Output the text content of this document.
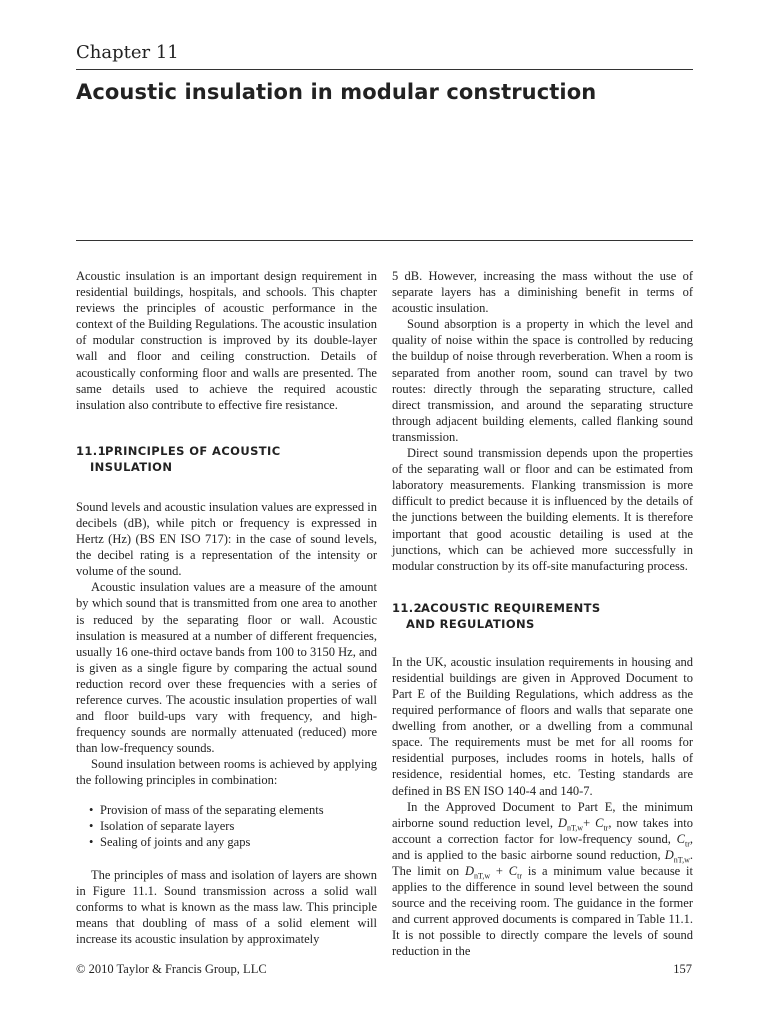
Chapter 11
Acoustic insulation in modular construction

Acoustic insulation is an important design requirement in residential buildings, hospitals, and schools. This chapter reviews the principles of acoustic performance in the context of the Building Regulations. The acoustic insulation of modular construction is improved by its double-layer wall and floor and ceiling construction. Details of acoustically conforming floor and walls are presented. The same details used to achieve the required acoustic insulation also contribute to effective fire resistance.

11.1PRINCIPLES OF ACOUSTIC
INSULATION

Sound levels and acoustic insulation values are expressed in decibels (dB), while pitch or frequency is expressed in Hertz (Hz) (BS EN ISO 717): in the case of sound levels, the decibel rating is a representation of the intensity or volume of the sound.

Acoustic insulation values are a measure of the amount by which sound that is transmitted from one area to another is reduced by the separating floor or wall. Acoustic insulation is measured at a number of different frequencies, usually 16 one-third octave bands from 100 to 3150 Hz, and is given as a single figure by comparing the actual sound reduction record over these frequencies with a series of reference curves. The acoustic insulation properties of wall and floor build-ups vary with frequency, and high-frequency sounds are normally attenuated (reduced) more than low-frequency sounds.

Sound insulation between rooms is achieved by applying the following principles in combination:

• Provision of mass of the separating elements
• Isolation of separate layers
• Sealing of joints and any gaps

The principles of mass and isolation of layers are shown in Figure 11.1. Sound transmission across a solid wall conforms to what is known as the mass law. This principle means that doubling of mass of a solid element will increase its acoustic insulation by approximately

5 dB. However, increasing the mass without the use of separate layers has a diminishing benefit in terms of acoustic insulation.

Sound absorption is a property in which the level and quality of noise within the space is controlled by reducing the buildup of noise through reverberation. When a room is separated from another room, sound can travel by two routes: directly through the separating structure, called direct transmission, and around the separating structure through adjacent building elements, called flanking sound transmission.

Direct sound transmission depends upon the properties of the separating wall or floor and can be estimated from laboratory measurements. Flanking transmission is more difficult to predict because it is influenced by the details of the junctions between the building elements. It is therefore important that good acoustic detailing is used at the junctions, which can be achieved more successfully in modular construction by its off-site manufacturing process.

11.2ACOUSTIC REQUIREMENTS
AND REGULATIONS

In the UK, acoustic insulation requirements in housing and residential buildings are given in Approved Document to Part E of the Building Regulations, which address as the required performance of floors and walls that separate one dwelling from another, or a dwelling from a communal space. The requirements must be met for all rooms for residential purposes, includes rooms in hotels, halls of residence, residential homes, etc. Testing standards are defined in BS EN ISO 140-4 and 140-7.

In the Approved Document to Part E, the minimum airborne sound reduction level, $D_{nT,w}+ C_{tr}$, now takes into account a correction factor for low-frequency sound, $C_{tr}$, and is applied to the basic airborne sound reduction, $D_{nT,w}$. The limit on $D_{nT,w} + C_{tr}$ is a minimum value because it applies to the difference in sound level between the sound source and the receiving room. The guidance in the former and current approved documents is compared in Table 11.1. It is not possible to directly compare the levels of sound reduction in the

© 2010 Taylor & Francis Group, LLC	157
